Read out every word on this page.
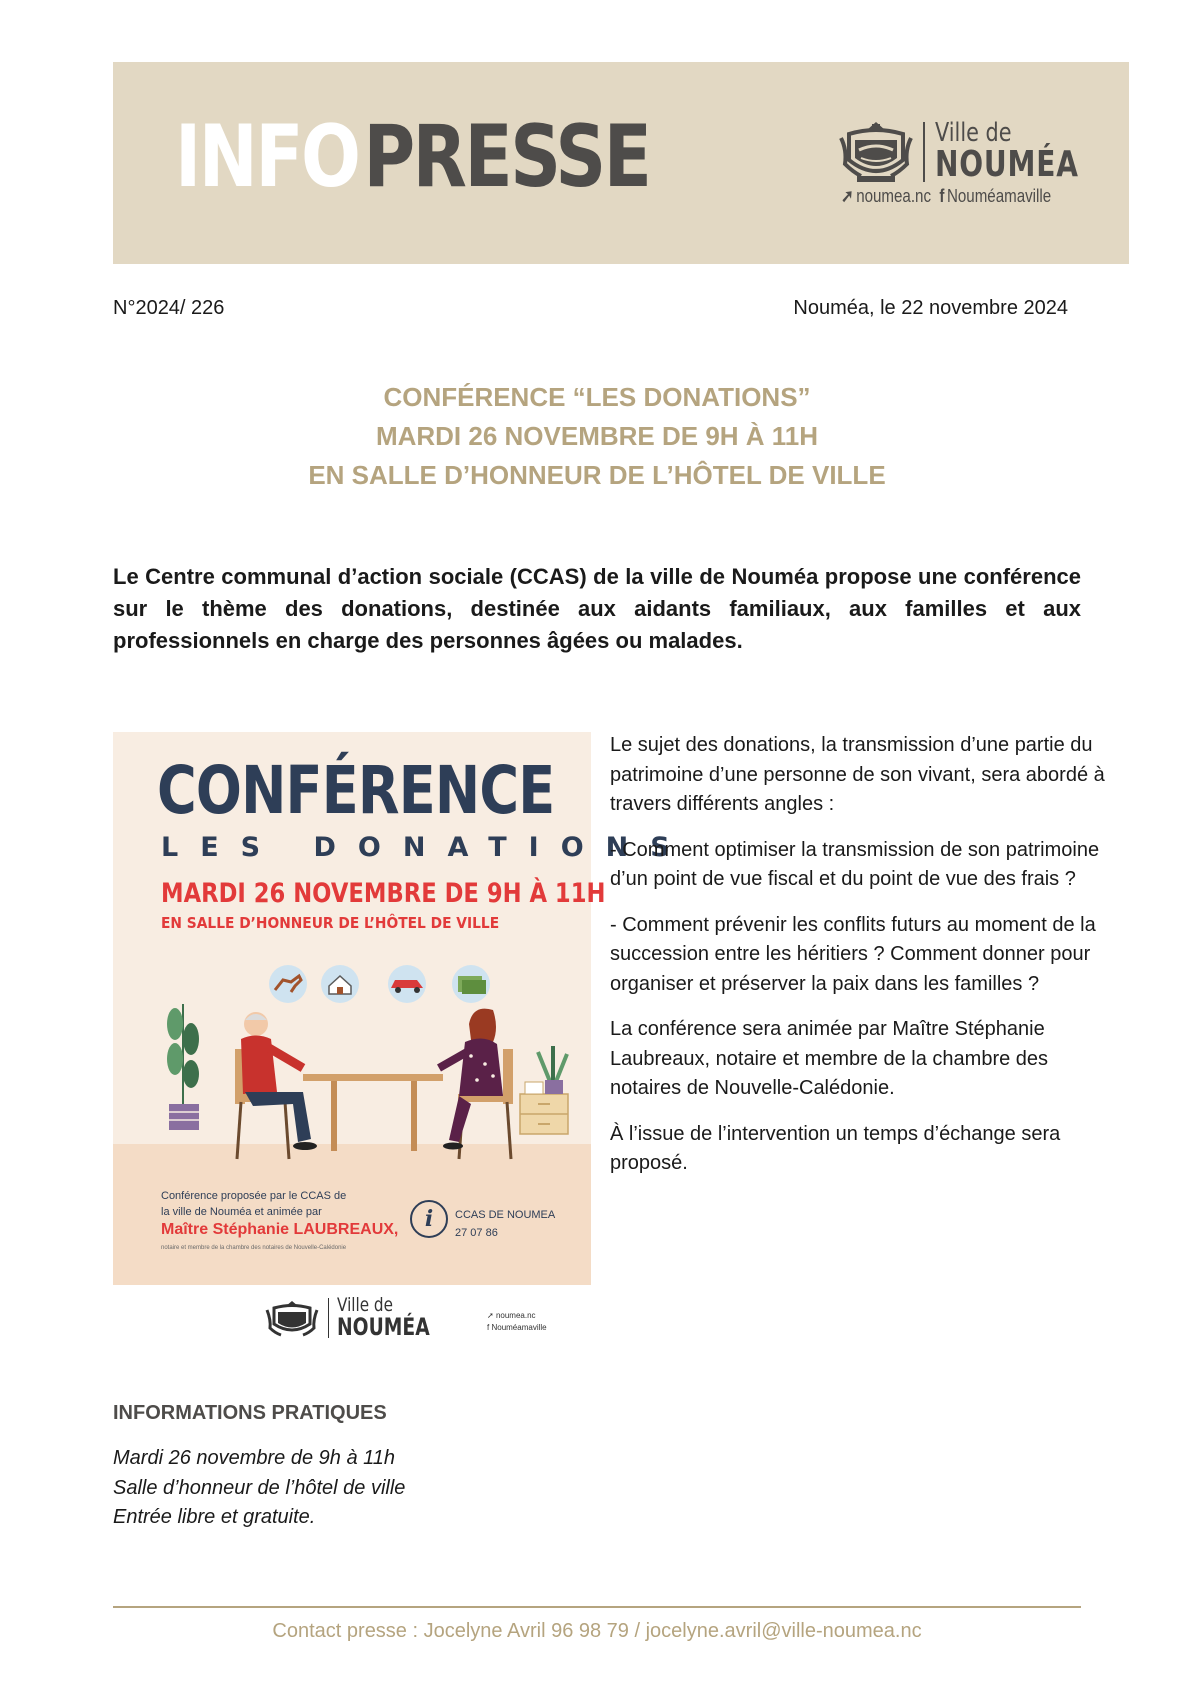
INFOPRESSE	Ville de
NOUMÉA
➚ noumea.nc f Nouméamaville
N°2024/ 226	Nouméa, le 22 novembre 2024
CONFÉRENCE “LES DONATIONS”
MARDI 26 NOVEMBRE DE 9H À 11H
EN SALLE D’HONNEUR DE L’HÔTEL DE VILLE
Le Centre communal d’action sociale (CCAS) de la ville de Nouméa propose une conférence sur le thème des donations, destinée aux aidants familiaux, aux familles et aux professionnels en charge des personnes âgées ou malades.
CONFÉRENCE
LES DONATIONS
MARDI 26 NOVEMBRE DE 9H À 11H
EN SALLE D’HONNEUR DE L’HÔTEL DE VILLE
Conférence proposée par le CCAS de
la ville de Nouméa et animée par
Maître Stéphanie LAUBREAUX,
notaire et membre de la chambre des notaires de Nouvelle-Calédonie
i	CCAS DE NOUMEA
27 07 86
Ville de
NOUMÉA	➚ noumea.nc
f Nouméamaville

Le sujet des donations, la transmission d’une partie du patrimoine d’une personne de son vivant, sera abordé à travers différents angles :

- Comment optimiser la transmission de son patrimoine d’un point de vue fiscal et du point de vue des frais ?

- Comment prévenir les conflits futurs au moment de la succession entre les héritiers ? Comment donner pour organiser et préserver la paix dans les familles ?

La conférence sera animée par Maître Stéphanie Laubreaux, notaire et membre de la chambre des notaires de Nouvelle-Calédonie.

À l’issue de l’intervention un temps d’échange sera proposé.

INFORMATIONS PRATIQUES
Mardi 26 novembre de 9h à 11h
Salle d’honneur de l’hôtel de ville
Entrée libre et gratuite.
Contact presse : Jocelyne Avril 96 98 79 / jocelyne.avril@ville-noumea.nc
